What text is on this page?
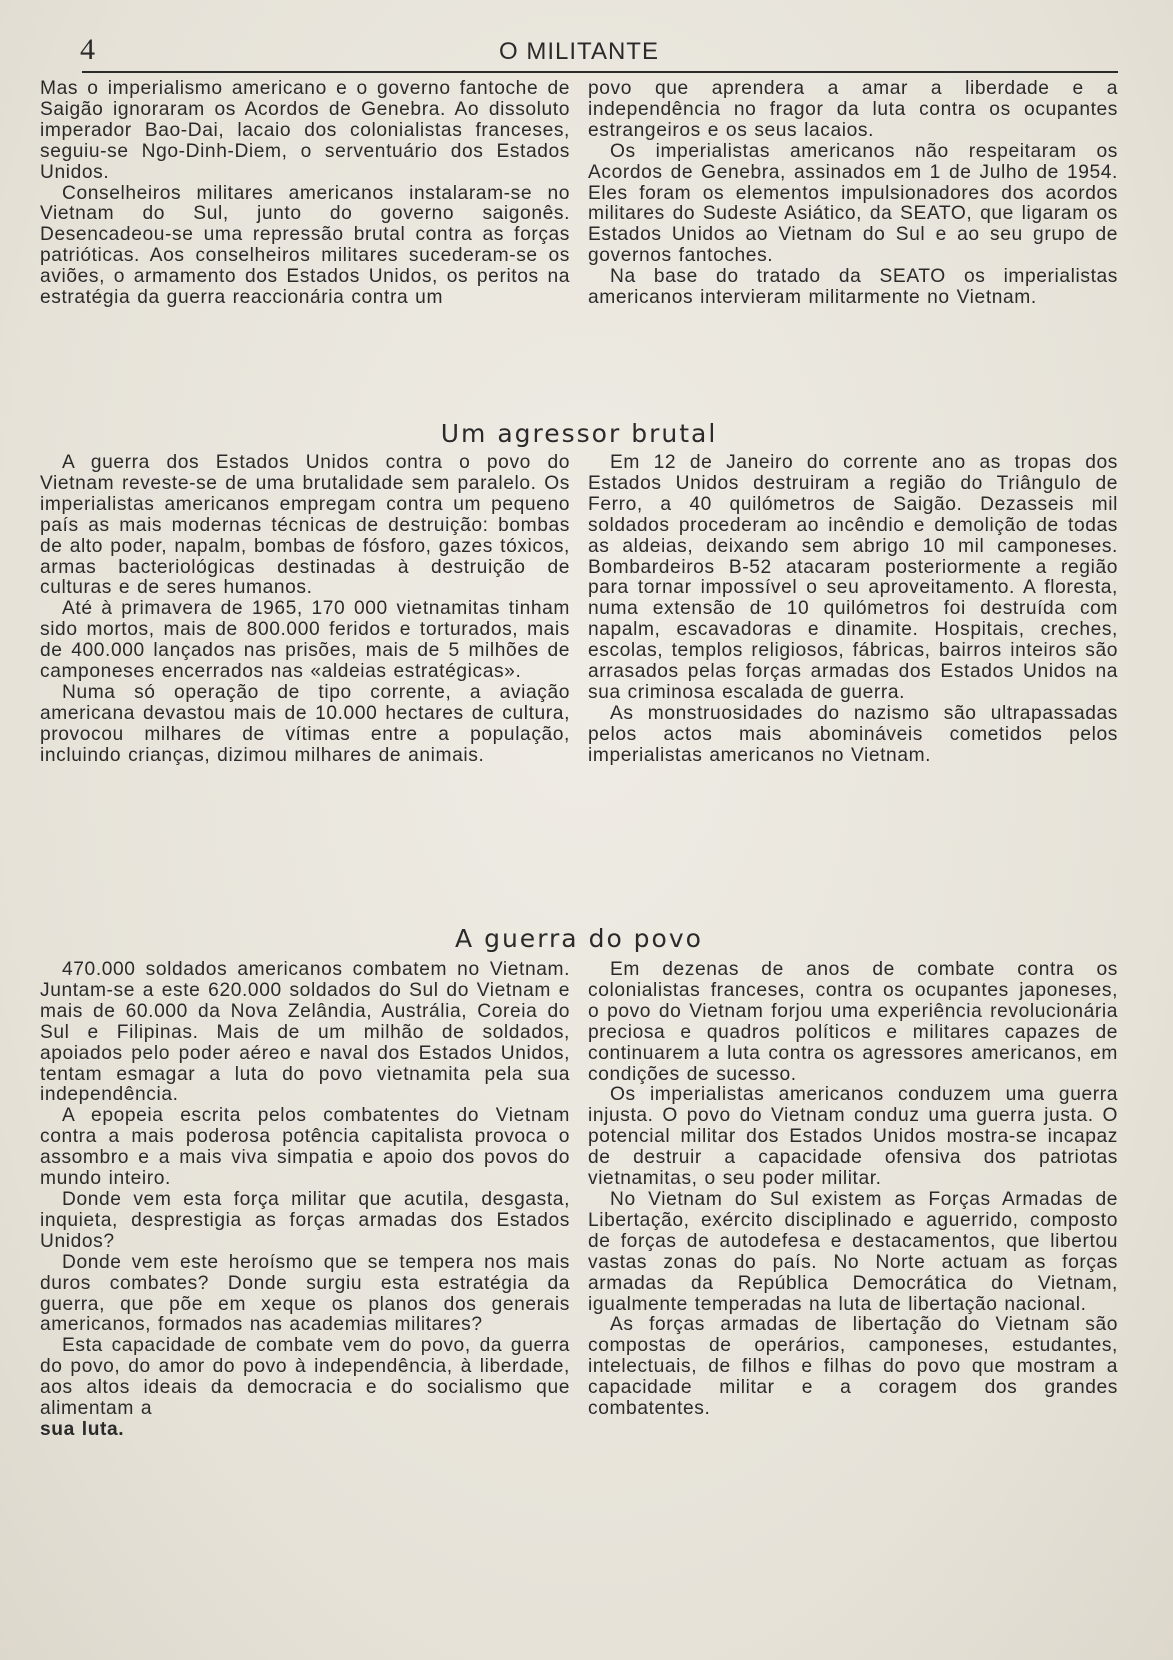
4	O MILITANTE

Mas o imperialismo americano e o governo fantoche de Saigão ignoraram os Acordos de Genebra. Ao dissoluto imperador Bao-Dai, lacaio dos colonialistas franceses, seguiu-se Ngo-Dinh-Diem, o serventuário dos Estados Unidos.

Conselheiros militares americanos instalaram-se no Vietnam do Sul, junto do governo saigonês. Desencadeou-se uma repressão brutal contra as forças patrióticas. Aos conselheiros militares sucederam-se os aviões, o armamento dos Estados Unidos, os peritos na estratégia da guerra reaccionária contra um

povo que aprendera a amar a liberdade e a independência no fragor da luta contra os ocupantes estrangeiros e os seus lacaios.

Os imperialistas americanos não respeitaram os Acordos de Genebra, assinados em 1 de Julho de 1954. Eles foram os elementos impulsionadores dos acordos militares do Sudeste Asiático, da SEATO, que ligaram os Estados Unidos ao Vietnam do Sul e ao seu grupo de governos fantoches.

Na base do tratado da SEATO os imperialistas americanos intervieram militarmente no Vietnam.

Um agressor brutal

A guerra dos Estados Unidos contra o povo do Vietnam reveste-se de uma brutalidade sem paralelo. Os imperialistas americanos empregam contra um pequeno país as mais modernas técnicas de destruição: bombas de alto poder, napalm, bombas de fósforo, gazes tóxicos, armas bacteriológicas destinadas à destruição de culturas e de seres humanos.

Até à primavera de 1965, 170 000 vietnamitas tinham sido mortos, mais de 800.000 feridos e torturados, mais de 400.000 lançados nas prisões, mais de 5 milhões de camponeses encerrados nas «aldeias estratégicas».

Numa só operação de tipo corrente, a aviação americana devastou mais de 10.000 hectares de cultura, provocou milhares de vítimas entre a população, incluindo crianças, dizimou milhares de animais.

Em 12 de Janeiro do corrente ano as tropas dos Estados Unidos destruiram a região do Triângulo de Ferro, a 40 quilómetros de Saigão. Dezasseis mil soldados procederam ao incêndio e demolição de todas as aldeias, deixando sem abrigo 10 mil camponeses. Bombardeiros B-52 atacaram posteriormente a região para tornar impossível o seu aproveitamento. A floresta, numa extensão de 10 quilómetros foi destruída com napalm, escavadoras e dinamite. Hospitais, creches, escolas, templos religiosos, fábricas, bairros inteiros são arrasados pelas forças armadas dos Estados Unidos na sua criminosa escalada de guerra.

As monstruosidades do nazismo são ultrapassadas pelos actos mais abomináveis cometidos pelos imperialistas americanos no Vietnam.

A guerra do povo

470.000 soldados americanos combatem no Vietnam. Juntam-se a este 620.000 soldados do Sul do Vietnam e mais de 60.000 da Nova Zelândia, Austrália, Coreia do Sul e Filipinas. Mais de um milhão de soldados, apoiados pelo poder aéreo e naval dos Estados Unidos, tentam esmagar a luta do povo vietnamita pela sua independência.

A epopeia escrita pelos combatentes do Vietnam contra a mais poderosa potência capitalista provoca o assombro e a mais viva simpatia e apoio dos povos do mundo inteiro.

Donde vem esta força militar que acutila, desgasta, inquieta, desprestigia as forças armadas dos Estados Unidos?

Donde vem este heroísmo que se tempera nos mais duros combates? Donde surgiu esta estratégia da guerra, que põe em xeque os planos dos generais americanos, formados nas academias militares?

Esta capacidade de combate vem do povo, da guerra do povo, do amor do povo à independência, à liberdade, aos altos ideais da democracia e do socialismo que alimentam a

sua luta.

Em dezenas de anos de combate contra os colonialistas franceses, contra os ocupantes japoneses, o povo do Vietnam forjou uma experiência revolucionária preciosa e quadros políticos e militares capazes de continuarem a luta contra os agressores americanos, em condições de sucesso.

Os imperialistas americanos conduzem uma guerra injusta. O povo do Vietnam conduz uma guerra justa. O potencial militar dos Estados Unidos mostra-se incapaz de destruir a capacidade ofensiva dos patriotas vietnamitas, o seu poder militar.

No Vietnam do Sul existem as Forças Armadas de Libertação, exército disciplinado e aguerrido, composto de forças de autodefesa e destacamentos, que libertou vastas zonas do país. No Norte actuam as forças armadas da República Democrática do Vietnam, igualmente temperadas na luta de libertação nacional.

As forças armadas de libertação do Vietnam são compostas de operários, camponeses, estudantes, intelectuais, de filhos e filhas do povo que mostram a capacidade militar e a coragem dos grandes combatentes.
